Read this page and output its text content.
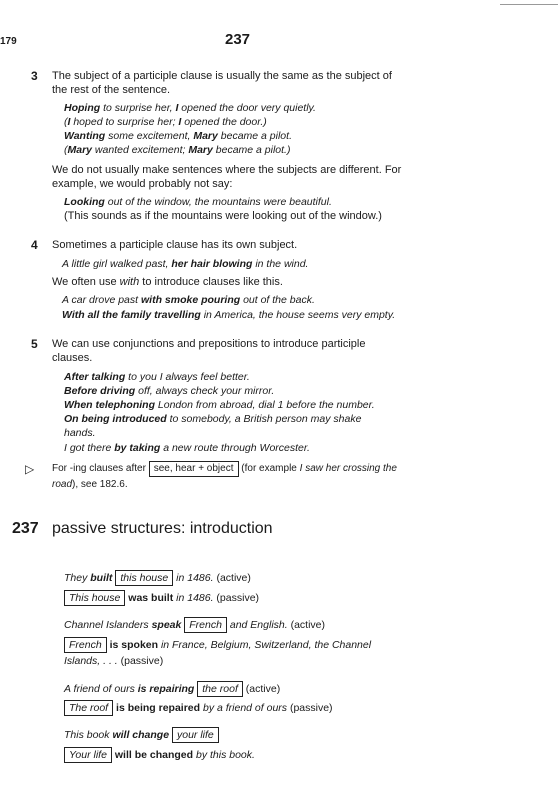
179	237
3 The subject of a participle clause is usually the same as the subject of
the rest of the sentence.
Hoping to surprise her, I opened the door very quietly.
(I hoped to surprise her; I opened the door.)
Wanting some excitement, Mary became a pilot.
(Mary wanted excitement; Mary became a pilot.)
We do not usually make sentences where the subjects are different. For
example, we would probably not say:
Looking out of the window, the mountains were beautiful.
(This sounds as if the mountains were looking out of the window.)
4 Sometimes a participle clause has its own subject.
A little girl walked past, her hair blowing in the wind.
We often use with to introduce clauses like this.
A car drove past with smoke pouring out of the back.
With all the family travelling in America, the house seems very empty.
5 We can use conjunctions and prepositions to introduce participle
clauses.
After talking to you I always feel better.
Before driving off, always check your mirror.
When telephoning London from abroad, dial 1 before the number.
On being introduced to somebody, a British person may shake
hands.
I got there by taking a new route through Worcester.
▷ For -ing clauses after see, hear + object (for example I saw her crossing the
road), see 182.6.
237 passive structures: introduction
They built this house in 1486. (active)
This house was built in 1486. (passive)
Channel Islanders speak French and English. (active)
French is spoken in France, Belgium, Switzerland, the Channel
Islands, . . . (passive)
A friend of ours is repairing the roof (active)
The roof is being repaired by a friend of ours (passive)
This book will change your life
Your life will be changed by this book.
